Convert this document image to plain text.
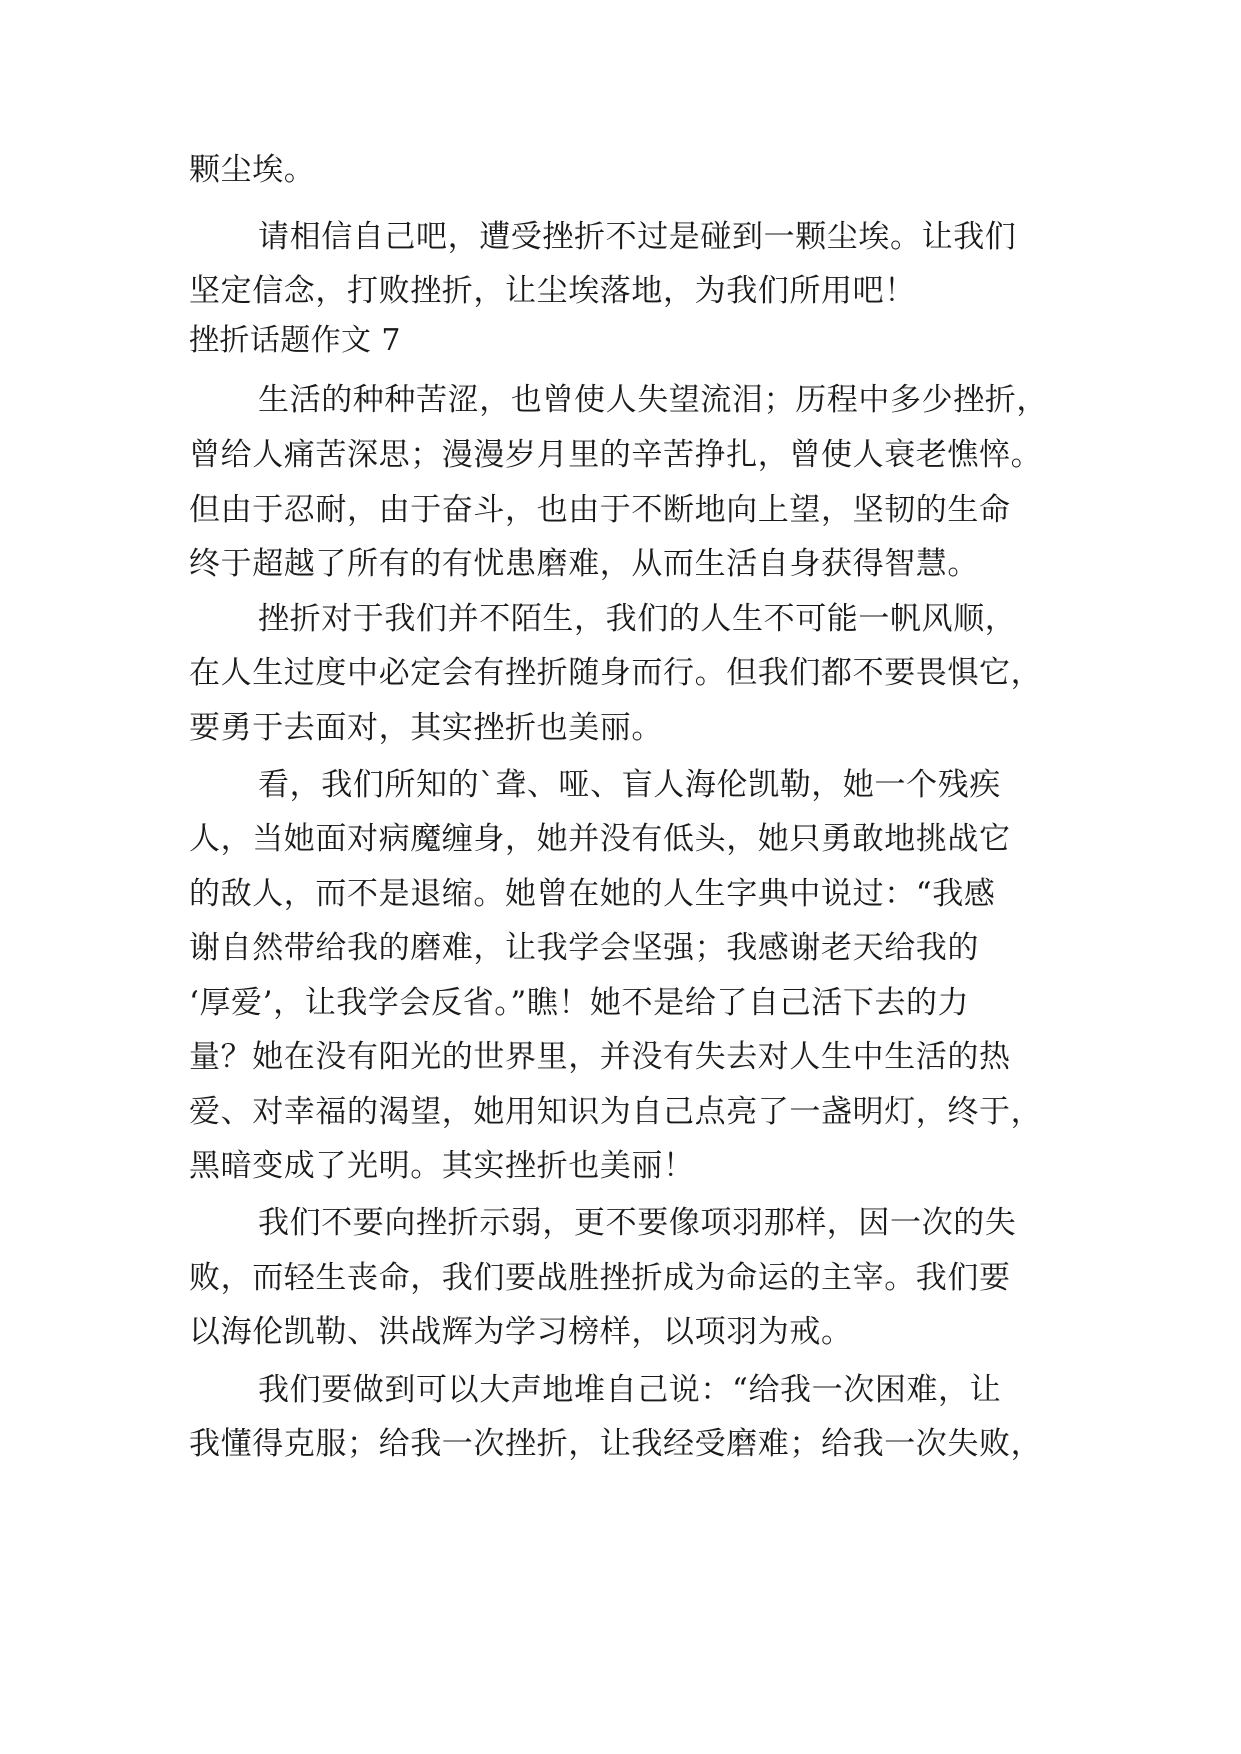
颗尘埃。
请相信自己吧，遭受挫折不过是碰到一颗尘埃。让我们
坚定信念，打败挫折，让尘埃落地，为我们所用吧！
挫折话题作文 7
生活的种种苦涩，也曾使人失望流泪；历程中多少挫折，
曾给人痛苦深思；漫漫岁月里的辛苦挣扎，曾使人衰老憔悴。
但由于忍耐，由于奋斗，也由于不断地向上望，坚韧的生命
终于超越了所有的有忧患磨难，从而生活自身获得智慧。
挫折对于我们并不陌生，我们的人生不可能一帆风顺，
在人生过度中必定会有挫折随身而行。但我们都不要畏惧它，
要勇于去面对，其实挫折也美丽。
看，我们所知的`聋、哑、盲人海伦凯勒，她一个残疾
人，当她面对病魔缠身，她并没有低头，她只勇敢地挑战它
的敌人，而不是退缩。她曾在她的人生字典中说过：“我感
谢自然带给我的磨难，让我学会坚强；我感谢老天给我的
‘厚爱’，让我学会反省。”瞧！她不是给了自己活下去的力
量？她在没有阳光的世界里，并没有失去对人生中生活的热
爱、对幸福的渴望，她用知识为自己点亮了一盏明灯，终于，
黑暗变成了光明。其实挫折也美丽！
我们不要向挫折示弱，更不要像项羽那样，因一次的失
败，而轻生丧命，我们要战胜挫折成为命运的主宰。我们要
以海伦凯勒、洪战辉为学习榜样，以项羽为戒。
我们要做到可以大声地堆自己说：“给我一次困难，让
我懂得克服；给我一次挫折，让我经受磨难；给我一次失败，
